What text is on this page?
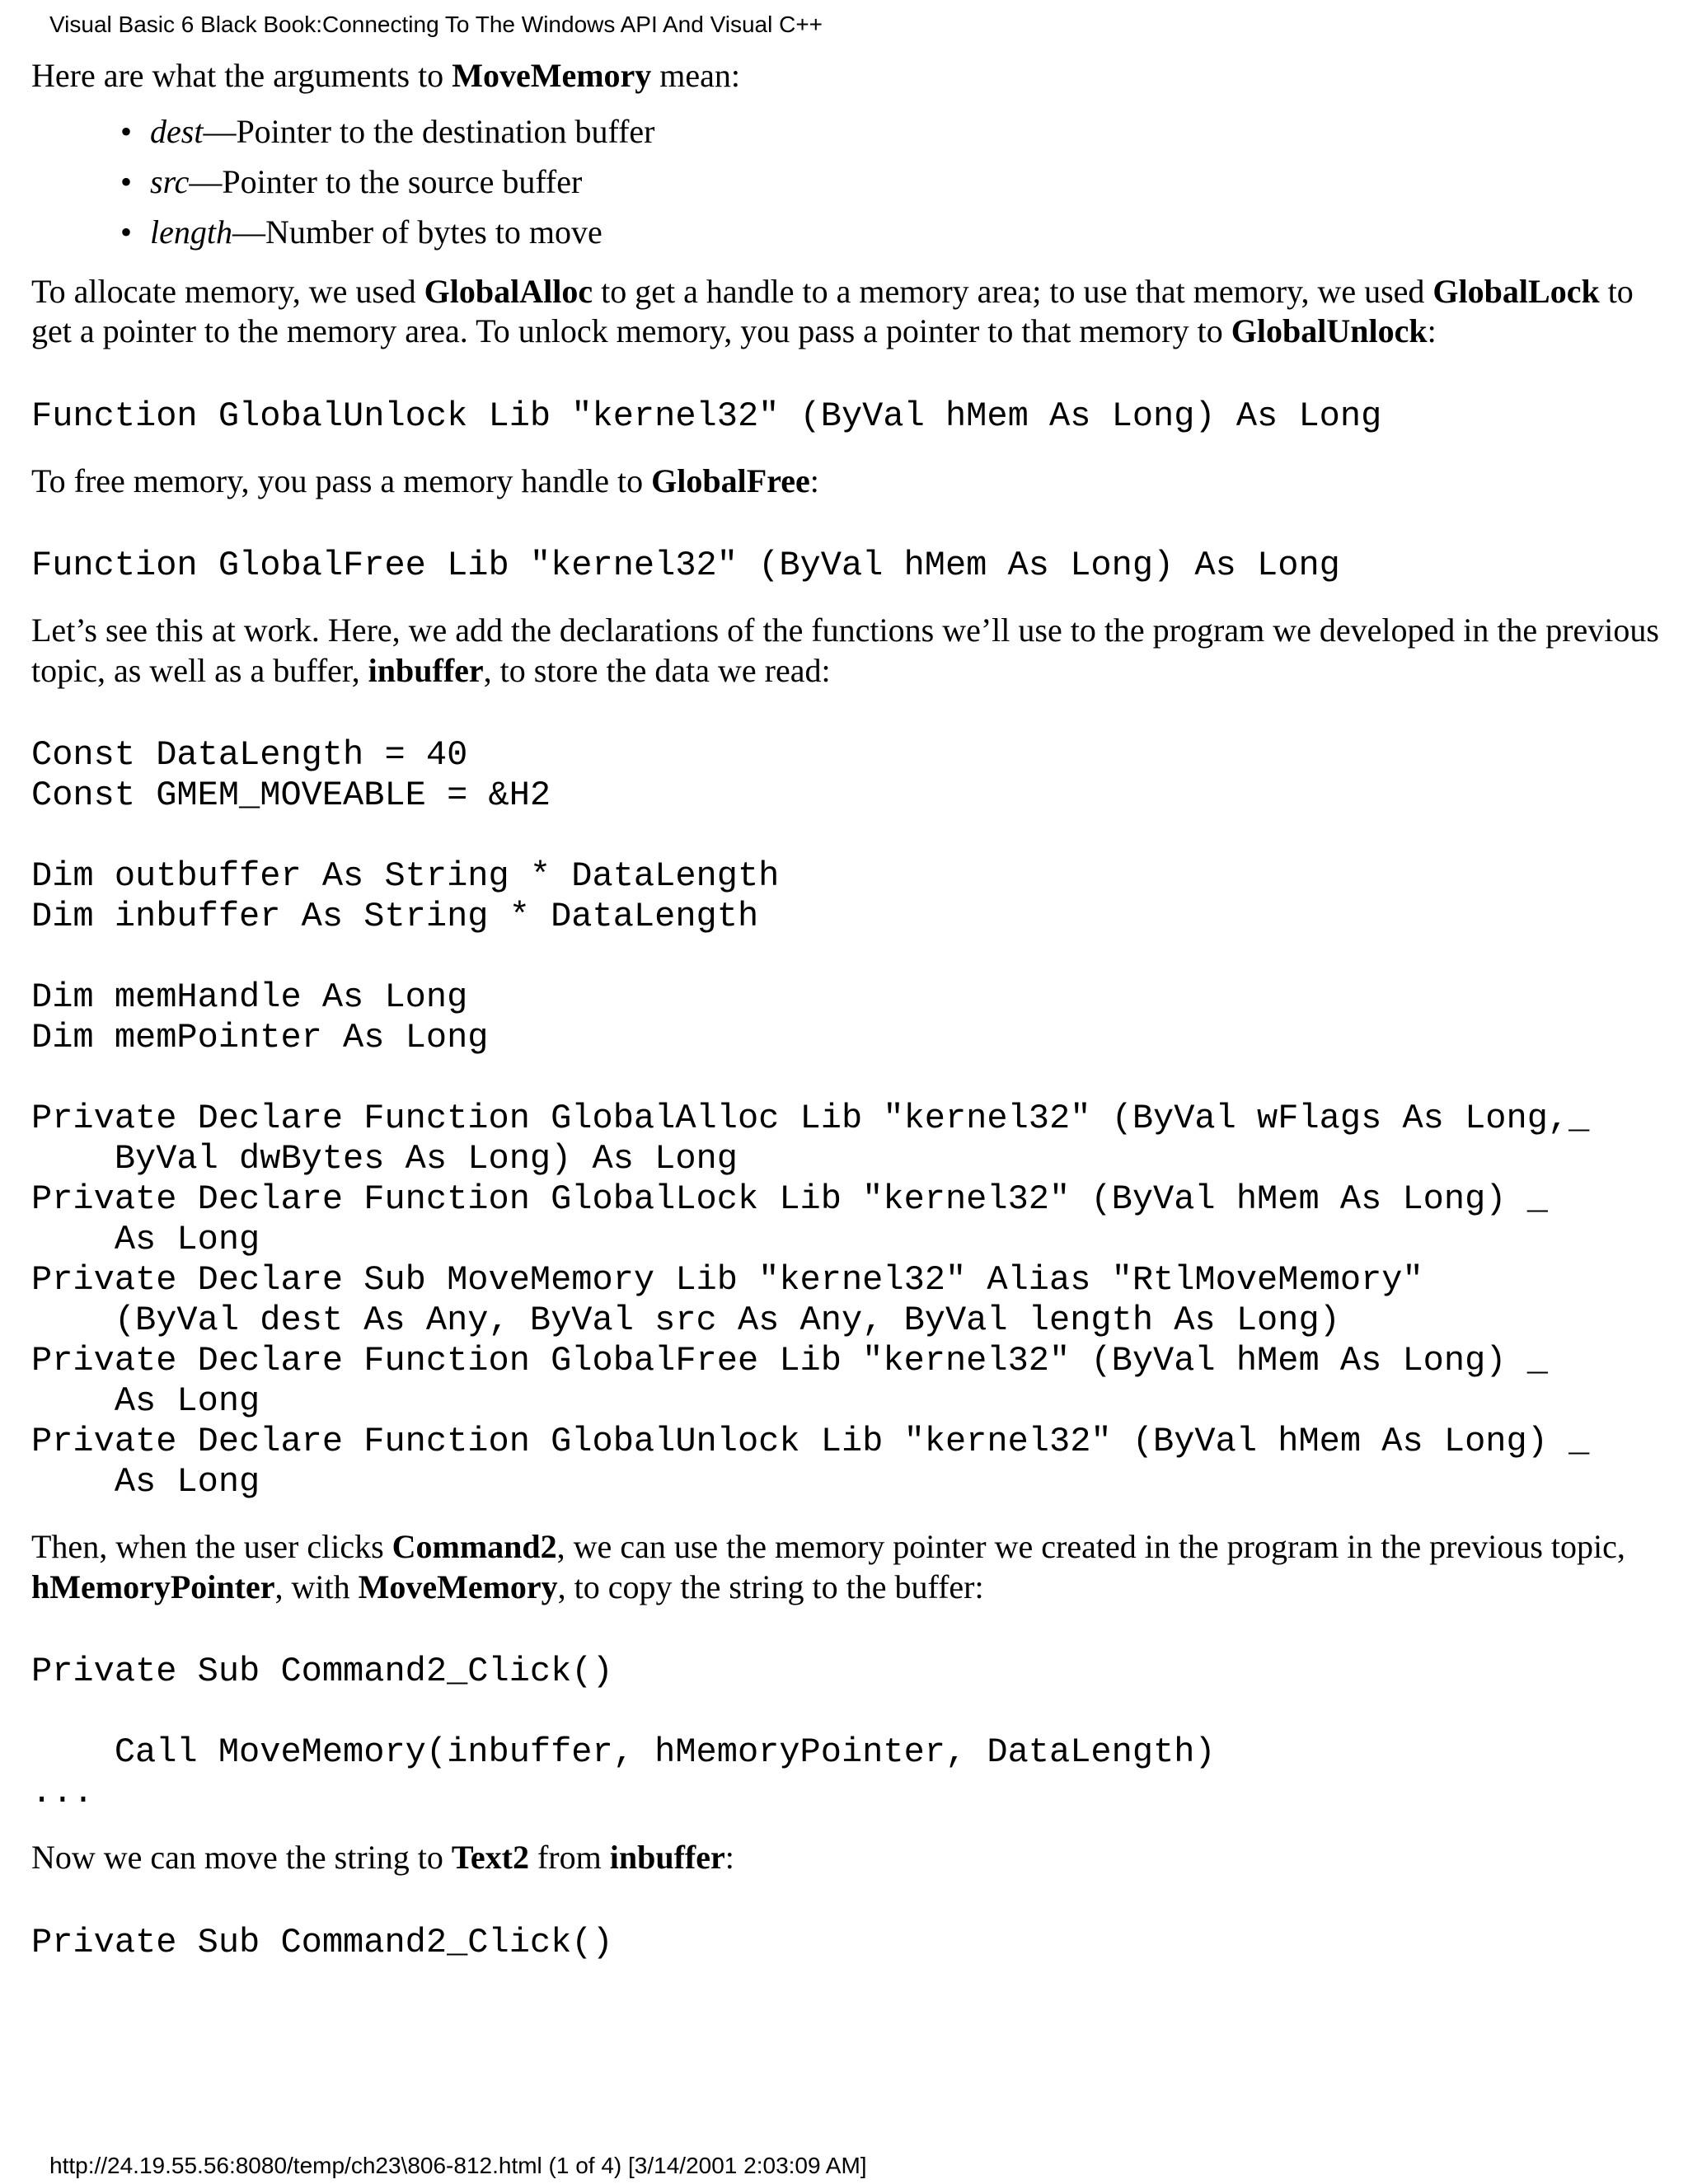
Visual Basic 6 Black Book:Connecting To The Windows API And Visual C++

Here are what the arguments to MoveMemory mean:

• dest—Pointer to the destination buffer
• src—Pointer to the source buffer
• length—Number of bytes to move

To allocate memory, we used GlobalAlloc to get a handle to a memory area; to use that memory, we used GlobalLock to get a pointer to the memory area. To unlock memory, you pass a pointer to that memory to GlobalUnlock:

Function GlobalUnlock Lib "kernel32" (ByVal hMem As Long) As Long

To free memory, you pass a memory handle to GlobalFree:

Function GlobalFree Lib "kernel32" (ByVal hMem As Long) As Long

Let’s see this at work. Here, we add the declarations of the functions we’ll use to the program we developed in the previous topic, as well as a buffer, inbuffer, to store the data we read:

Const DataLength = 40
Const GMEM_MOVEABLE = &H2

Dim outbuffer As String * DataLength
Dim inbuffer As String * DataLength

Dim memHandle As Long
Dim memPointer As Long

Private Declare Function GlobalAlloc Lib "kernel32" (ByVal wFlags As Long,_
ByVal dwBytes As Long) As Long
Private Declare Function GlobalLock Lib "kernel32" (ByVal hMem As Long) _
As Long
Private Declare Sub MoveMemory Lib "kernel32" Alias "RtlMoveMemory"
(ByVal dest As Any, ByVal src As Any, ByVal length As Long)
Private Declare Function GlobalFree Lib "kernel32" (ByVal hMem As Long) _
As Long
Private Declare Function GlobalUnlock Lib "kernel32" (ByVal hMem As Long) _
As Long

Then, when the user clicks Command2, we can use the memory pointer we created in the program in the previous topic, hMemoryPointer, with MoveMemory, to copy the string to the buffer:

Private Sub Command2_Click()

Call MoveMemory(inbuffer, hMemoryPointer, DataLength)
...

Now we can move the string to Text2 from inbuffer:

Private Sub Command2_Click()
http://24.19.55.56:8080/temp/ch23\806-812.html (1 of 4) [3/14/2001 2:03:09 AM]
